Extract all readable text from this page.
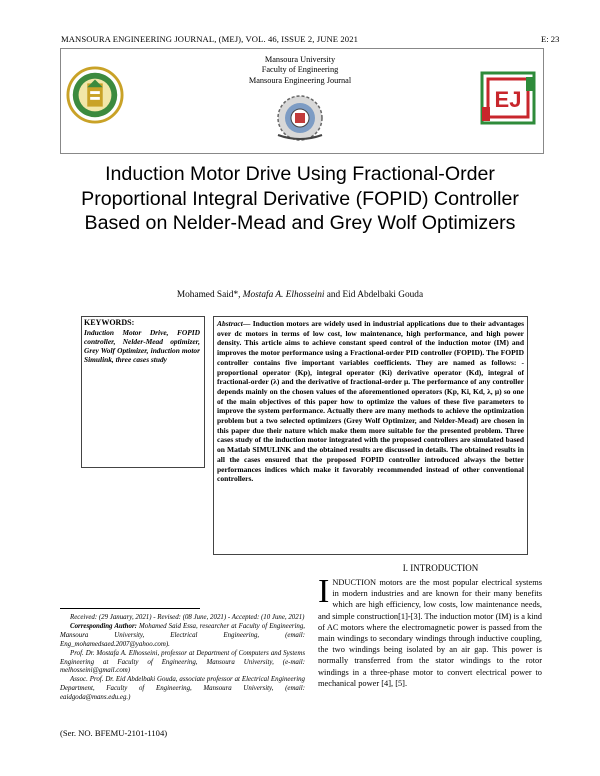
MANSOURA ENGINEERING JOURNAL, (MEJ), VOL. 46, ISSUE 2, JUNE 2021	E: 23
Mansoura University
Faculty of Engineering
Mansoura Engineering Journal
EJ
Induction Motor Drive Using Fractional-Order Proportional Integral Derivative (FOPID) Controller Based on Nelder-Mead and Grey Wolf Optimizers
Mohamed Said*, Mostafa A. Elhosseini and Eid Abdelbaki Gouda
KEYWORDS:
Induction Motor Drive, FOPID controller, Nelder-Mead optimizer, Grey Wolf Optimizer, induction motor Simulink, three cases study
Abstract— Induction motors are widely used in industrial applications due to their advantages over dc motors in terms of low cost, low maintenance, high performance, and high power density. This article aims to achieve constant speed control of the induction motor (IM) and improves the motor performance using a Fractional-order PID controller (FOPID). The FOPID controller contains five important variables coefficients. They are named as follows: - proportional operator (Kp), integral operator (Ki) derivative operator (Kd), integral of fractional-order (λ) and the derivative of fractional-order μ. The performance of any controller depends mainly on the chosen values of the aforementioned operators (Kp, Ki, Kd, λ, μ) so one of the main objectives of this paper how to optimize the values of these five parameters to improve the system performance. Actually there are many methods to achieve the optimization problem but a two selected optimizers (Grey Wolf Optimizer, and Nelder-Mead) are chosen in this paper due their nature which make them more suitable for the presented problem. Three cases study of the induction motor integrated with the proposed controllers are simulated based on Matlab SIMULINK and the obtained results are discussed in details. The obtained results in all the cases ensured that the proposed FOPID controller introduced always the better performances indices which make it favorably recommended instead of other conventional controllers.
I. INTRODUCTION
INDUCTION motors are the most popular electrical systems in modern industries and are known for their many benefits which are high efficiency, low costs, low maintenance needs, and simple construction[1]-[3]. The induction motor (IM) is a kind of AC motors where the electromagnetic power is passed from the main windings to secondary windings through inductive coupling, the two windings being isolated by an air gap. This power is normally transferred from the stator windings to the rotor windings in a three-phase motor to convert electrical power to mechanical power [4], [5].

Received: (29 January, 2021) - Revised: (08 June, 2021) - Accepted: (10 June, 2021)

Corresponding Author: Mohamed Said Essa, researcher at Faculty of Engineering, Mansoura University, Electrical Engineering, (email: Eng_mohamedsaed.2007@yahoo.com).

Prof. Dr. Mostafa A. Elhosseini, professor at Department of Computers and Systems Engineering at Faculty of Engineering, Mansoura University, (e-mail: melhosseini@gmail.com)

Assoc. Prof. Dr. Eid Abdelbaki Gouda, associate professor at Electrical Engineering Department, Faculty of Engineering, Mansoura University, (email: eaidgoda@mans.edu.eg.)

(Ser. NO. BFEMU-2101-1104)
